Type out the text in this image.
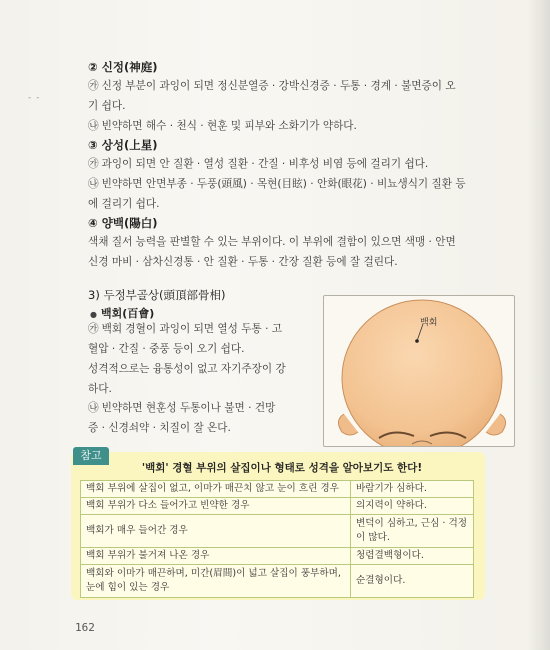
- -
② 신정(神庭)
㉮ 신정 부분이 과잉이 되면 정신분열증 · 강박신경증 · 두통 · 경계 · 불면증이 오
기 쉽다.
㉯ 빈약하면 해수 · 천식 · 현훈 및 피부와 소화기가 약하다.
③ 상성(上星)
㉮ 과잉이 되면 안 질환 · 열성 질환 · 간질 · 비후성 비염 등에 걸리기 쉽다.
㉯ 빈약하면 안면부종 · 두풍(頭風) · 목현(目眩) · 안화(眼花) · 비뇨생식기 질환 등
에 걸리기 쉽다.
④ 양백(陽白)
색채 질서 능력을 판별할 수 있는 부위이다. 이 부위에 결함이 있으면 색맹 · 안면
신경 마비 · 삼차신경통 · 안 질환 · 두통 · 간장 질환 등에 잘 걸린다.
3) 두정부골상(頭頂部骨相)
● 백회(百會)
㉮ 백회 경혈이 과잉이 되면 열성 두통 · 고
혈압 · 간질 · 중풍 등이 오기 쉽다.
성격적으로는 융통성이 없고 자기주장이 강
하다.
㉯ 빈약하면 현훈성 두통이나 불면 · 건망
증 · 신경쇠약 · 치질이 잘 온다.
백회
참고
'백회' 경혈 부위의 살집이나 형태로 성격을 알아보기도 한다!
백회 부위에 살집이 없고, 이마가 매끈치 않고 눈이 흐린 경우	바람기가 심하다.
백회 부위가 다소 들어가고 빈약한 경우	의지력이 약하다.
백회가 매우 들어간 경우	변덕이 심하고, 근심 · 걱정이 많다.
백회 부위가 불거져 나온 경우	청렴결백형이다.
백회와 이마가 매끈하며, 미간(眉間)이 넓고 살집이 풍부하며, 눈에 힘이 있는 경우	순결형이다.
162
